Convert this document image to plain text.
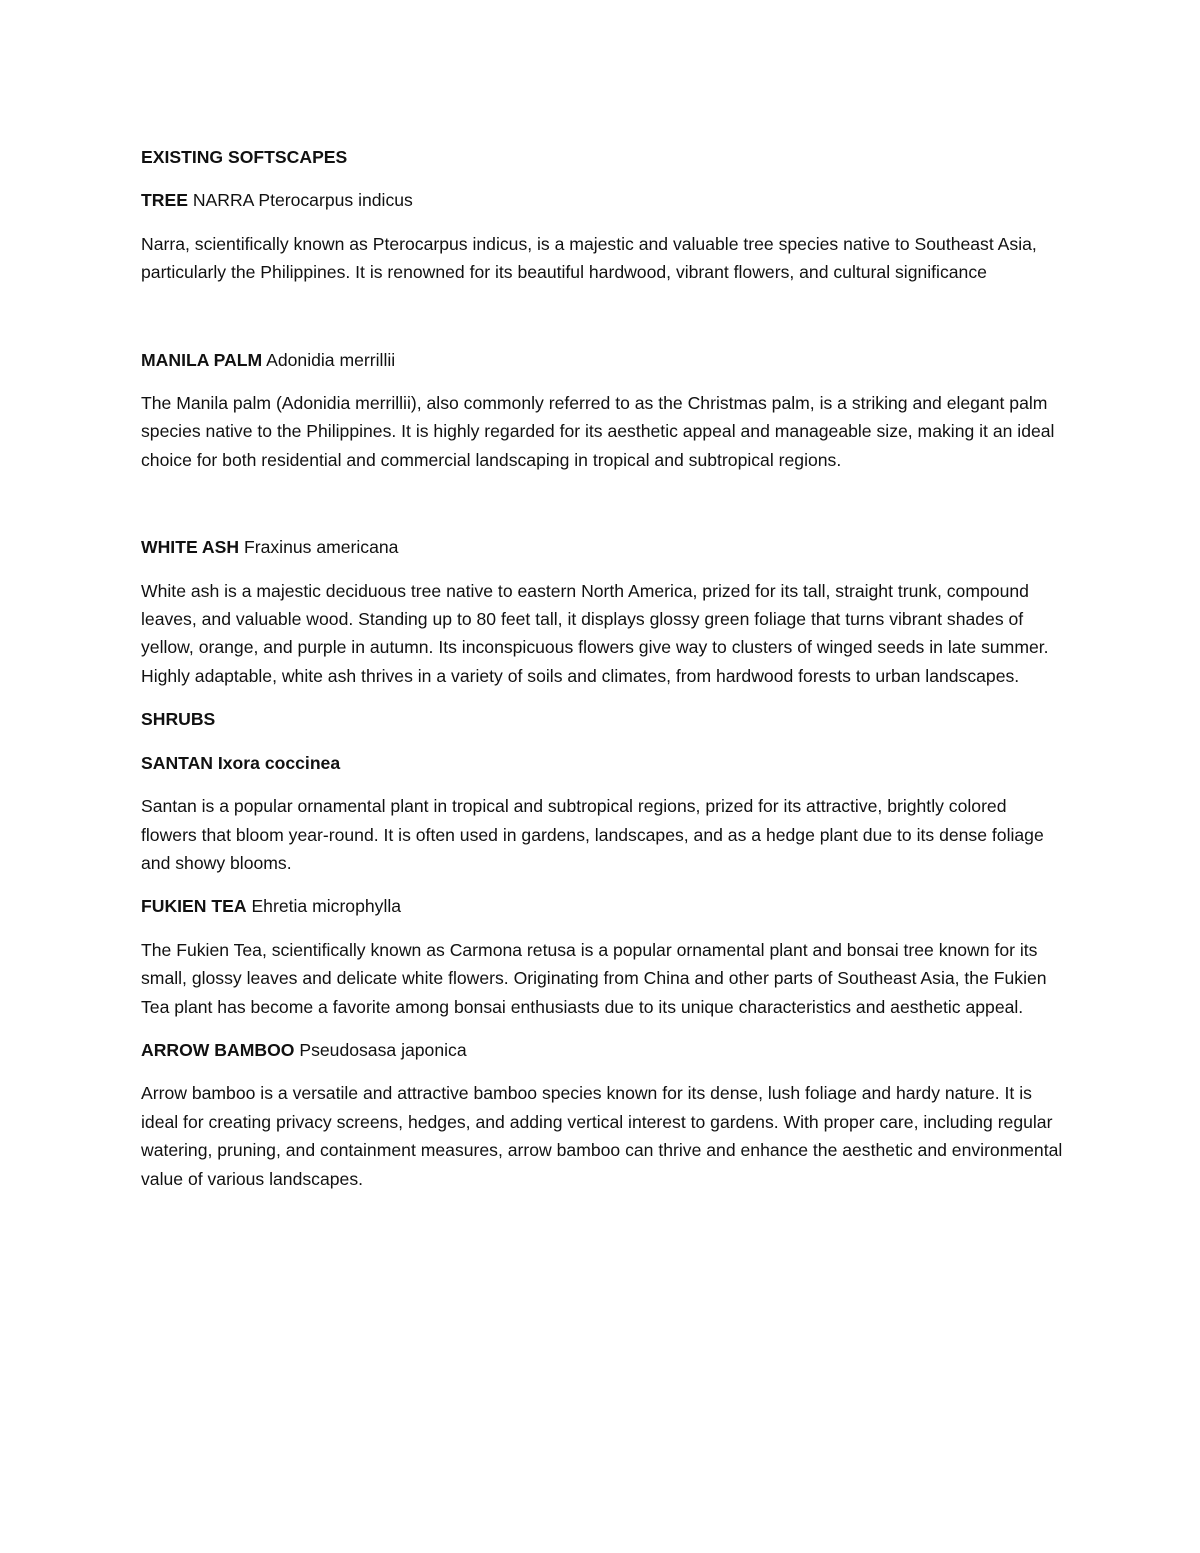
EXISTING SOFTSCAPES
TREE NARRA Pterocarpus indicus
Narra, scientifically known as Pterocarpus indicus, is a majestic and valuable tree species native to Southeast Asia, particularly the Philippines. It is renowned for its beautiful hardwood, vibrant flowers, and cultural significance
MANILA PALM Adonidia merrillii
The Manila palm (Adonidia merrillii), also commonly referred to as the Christmas palm, is a striking and elegant palm species native to the Philippines. It is highly regarded for its aesthetic appeal and manageable size, making it an ideal choice for both residential and commercial landscaping in tropical and subtropical regions.
WHITE ASH Fraxinus americana
White ash is a majestic deciduous tree native to eastern North America, prized for its tall, straight trunk, compound leaves, and valuable wood. Standing up to 80 feet tall, it displays glossy green foliage that turns vibrant shades of yellow, orange, and purple in autumn. Its inconspicuous flowers give way to clusters of winged seeds in late summer. Highly adaptable, white ash thrives in a variety of soils and climates, from hardwood forests to urban landscapes.
SHRUBS
SANTAN Ixora coccinea
Santan is a popular ornamental plant in tropical and subtropical regions, prized for its attractive, brightly colored flowers that bloom year-round. It is often used in gardens, landscapes, and as a hedge plant due to its dense foliage and showy blooms.
FUKIEN TEA Ehretia microphylla
The Fukien Tea, scientifically known as Carmona retusa is a popular ornamental plant and bonsai tree known for its small, glossy leaves and delicate white flowers. Originating from China and other parts of Southeast Asia, the Fukien Tea plant has become a favorite among bonsai enthusiasts due to its unique characteristics and aesthetic appeal.
ARROW BAMBOO Pseudosasa japonica
Arrow bamboo is a versatile and attractive bamboo species known for its dense, lush foliage and hardy nature. It is ideal for creating privacy screens, hedges, and adding vertical interest to gardens. With proper care, including regular watering, pruning, and containment measures, arrow bamboo can thrive and enhance the aesthetic and environmental value of various landscapes.
